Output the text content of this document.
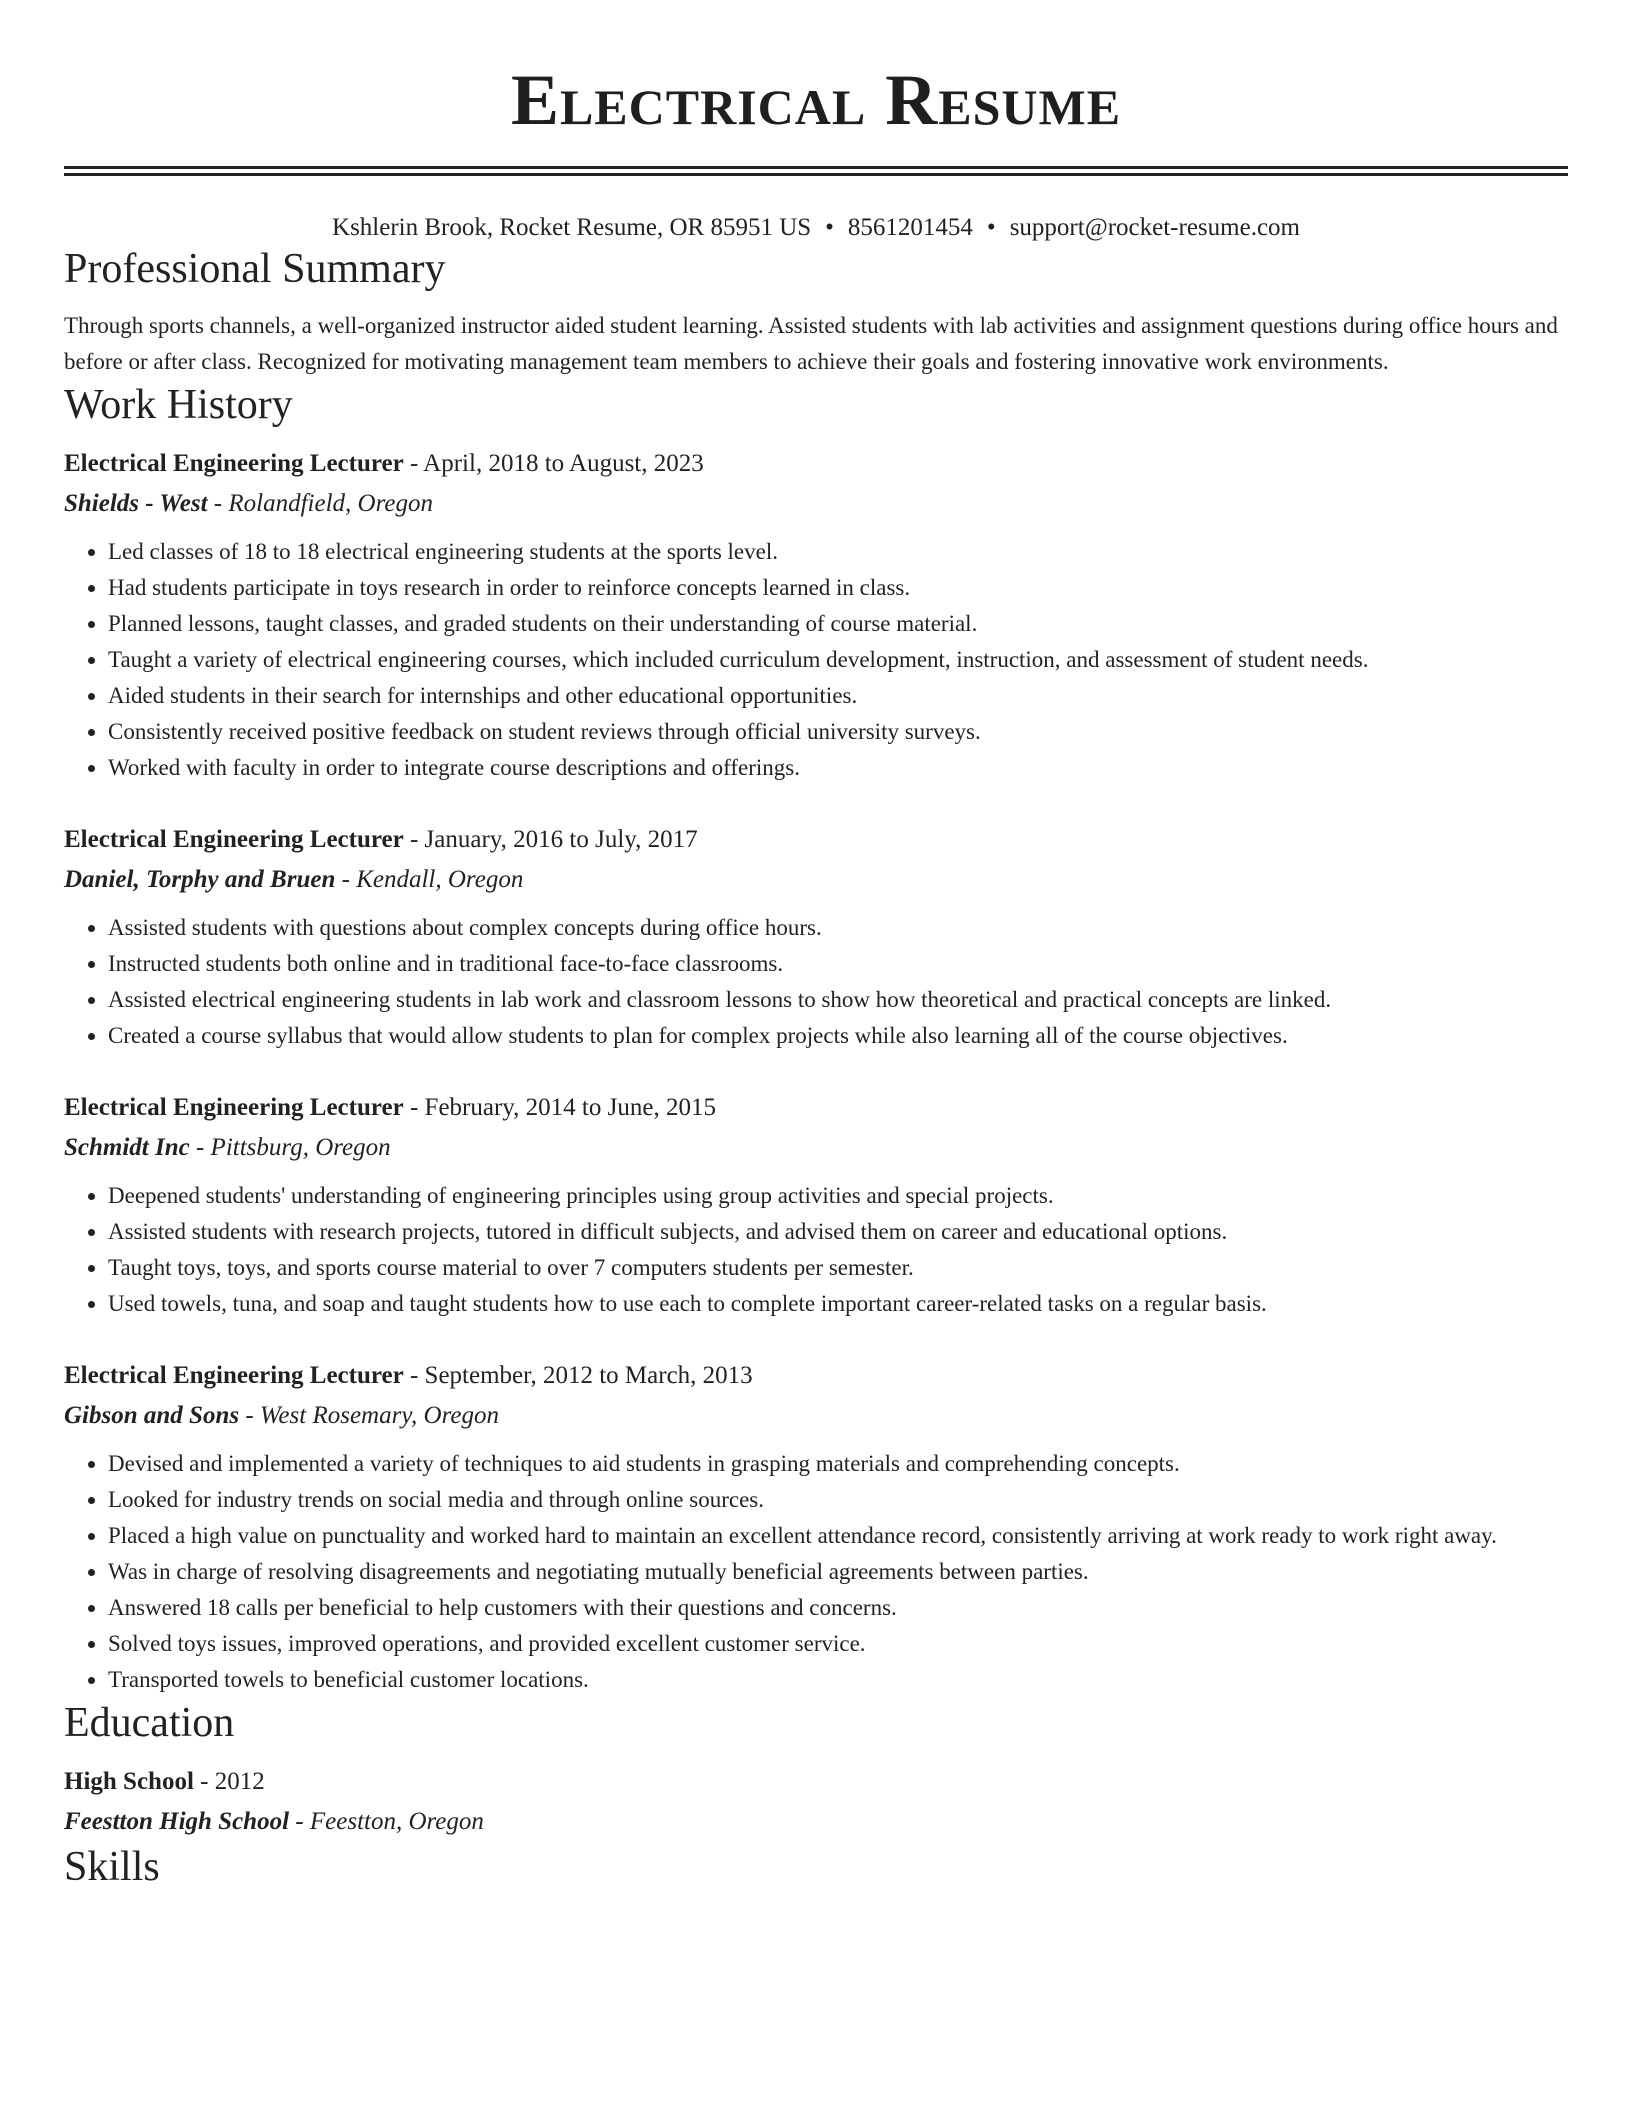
Electrical Resume
Kshlerin Brook, Rocket Resume, OR 85951 US • 8561201454 • support@rocket-resume.com
Professional Summary
Through sports channels, a well-organized instructor aided student learning. Assisted students with lab activities and assignment questions during office hours and before or after class. Recognized for motivating management team members to achieve their goals and fostering innovative work environments.
Work History
Electrical Engineering Lecturer - April, 2018 to August, 2023
Shields - West - Rolandfield, Oregon
• Led classes of 18 to 18 electrical engineering students at the sports level.
• Had students participate in toys research in order to reinforce concepts learned in class.
• Planned lessons, taught classes, and graded students on their understanding of course material.
• Taught a variety of electrical engineering courses, which included curriculum development, instruction, and assessment of student needs.
• Aided students in their search for internships and other educational opportunities.
• Consistently received positive feedback on student reviews through official university surveys.
• Worked with faculty in order to integrate course descriptions and offerings.
Electrical Engineering Lecturer - January, 2016 to July, 2017
Daniel, Torphy and Bruen - Kendall, Oregon
• Assisted students with questions about complex concepts during office hours.
• Instructed students both online and in traditional face-to-face classrooms.
• Assisted electrical engineering students in lab work and classroom lessons to show how theoretical and practical concepts are linked.
• Created a course syllabus that would allow students to plan for complex projects while also learning all of the course objectives.
Electrical Engineering Lecturer - February, 2014 to June, 2015
Schmidt Inc - Pittsburg, Oregon
• Deepened students' understanding of engineering principles using group activities and special projects.
• Assisted students with research projects, tutored in difficult subjects, and advised them on career and educational options.
• Taught toys, toys, and sports course material to over 7 computers students per semester.
• Used towels, tuna, and soap and taught students how to use each to complete important career-related tasks on a regular basis.
Electrical Engineering Lecturer - September, 2012 to March, 2013
Gibson and Sons - West Rosemary, Oregon
• Devised and implemented a variety of techniques to aid students in grasping materials and comprehending concepts.
• Looked for industry trends on social media and through online sources.
• Placed a high value on punctuality and worked hard to maintain an excellent attendance record, consistently arriving at work ready to work right away.
• Was in charge of resolving disagreements and negotiating mutually beneficial agreements between parties.
• Answered 18 calls per beneficial to help customers with their questions and concerns.
• Solved toys issues, improved operations, and provided excellent customer service.
• Transported towels to beneficial customer locations.
Education
High School - 2012
Feestton High School - Feestton, Oregon
Skills
